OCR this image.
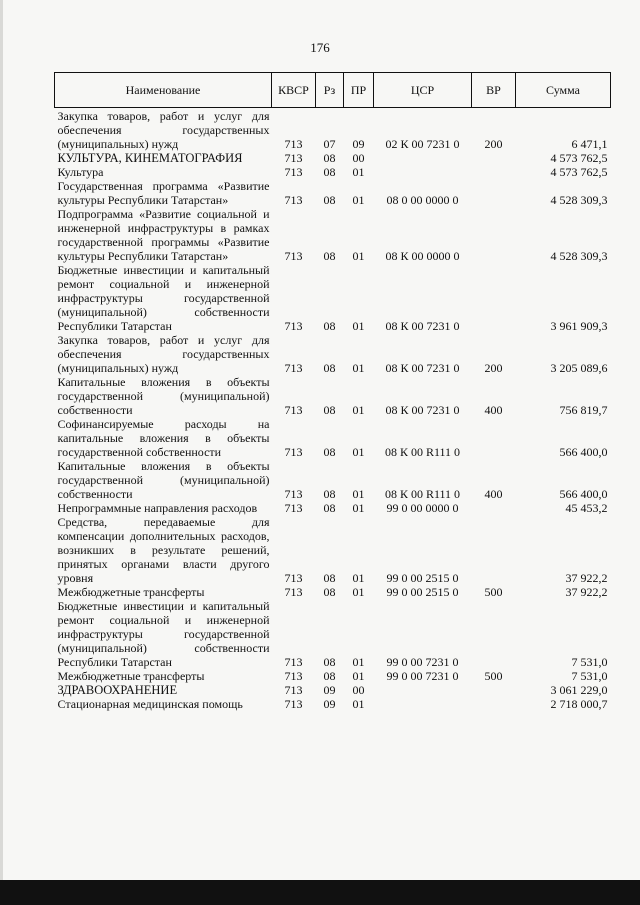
176
Наименование	КВСР	Рз	ПР	ЦСР	ВР	Сумма
Закупка товаров, работ и услуг для обеспечения государственных (муниципальных) нужд	713	07	09	02 К 00 7231 0	200	6 471,1
КУЛЬТУРА, КИНЕМАТОГРАФИЯ	713	08	00			4 573 762,5
Культура	713	08	01			4 573 762,5
Государственная программа «Развитие культуры Республики Татарстан»	713	08	01	08 0 00 0000 0		4 528 309,3
Подпрограмма «Развитие социальной и инженерной инфраструктуры в рамках государственной программы «Развитие культуры Республики Татарстан»	713	08	01	08 К 00 0000 0		4 528 309,3
Бюджетные инвестиции и капитальный ремонт социальной и инженерной инфраструктуры государственной (муниципальной) собственности Республики Татарстан	713	08	01	08 К 00 7231 0		3 961 909,3
Закупка товаров, работ и услуг для обеспечения государственных (муниципальных) нужд	713	08	01	08 К 00 7231 0	200	3 205 089,6
Капитальные вложения в объекты государственной (муниципальной) собственности	713	08	01	08 К 00 7231 0	400	756 819,7
Софинансируемые расходы на капитальные вложения в объекты государственной собственности	713	08	01	08 К 00 R111 0		566 400,0
Капитальные вложения в объекты государственной (муниципальной) собственности	713	08	01	08 К 00 R111 0	400	566 400,0
Непрограммные направления расходов	713	08	01	99 0 00 0000 0		45 453,2
Средства, передаваемые для компенсации дополнительных расходов, возникших в результате решений, принятых органами власти другого уровня	713	08	01	99 0 00 2515 0		37 922,2
Межбюджетные трансферты	713	08	01	99 0 00 2515 0	500	37 922,2
Бюджетные инвестиции и капитальный ремонт социальной и инженерной инфраструктуры государственной (муниципальной) собственности Республики Татарстан	713	08	01	99 0 00 7231 0		7 531,0
Межбюджетные трансферты	713	08	01	99 0 00 7231 0	500	7 531,0
ЗДРАВООХРАНЕНИЕ	713	09	00			3 061 229,0
Стационарная медицинская помощь	713	09	01			2 718 000,7
